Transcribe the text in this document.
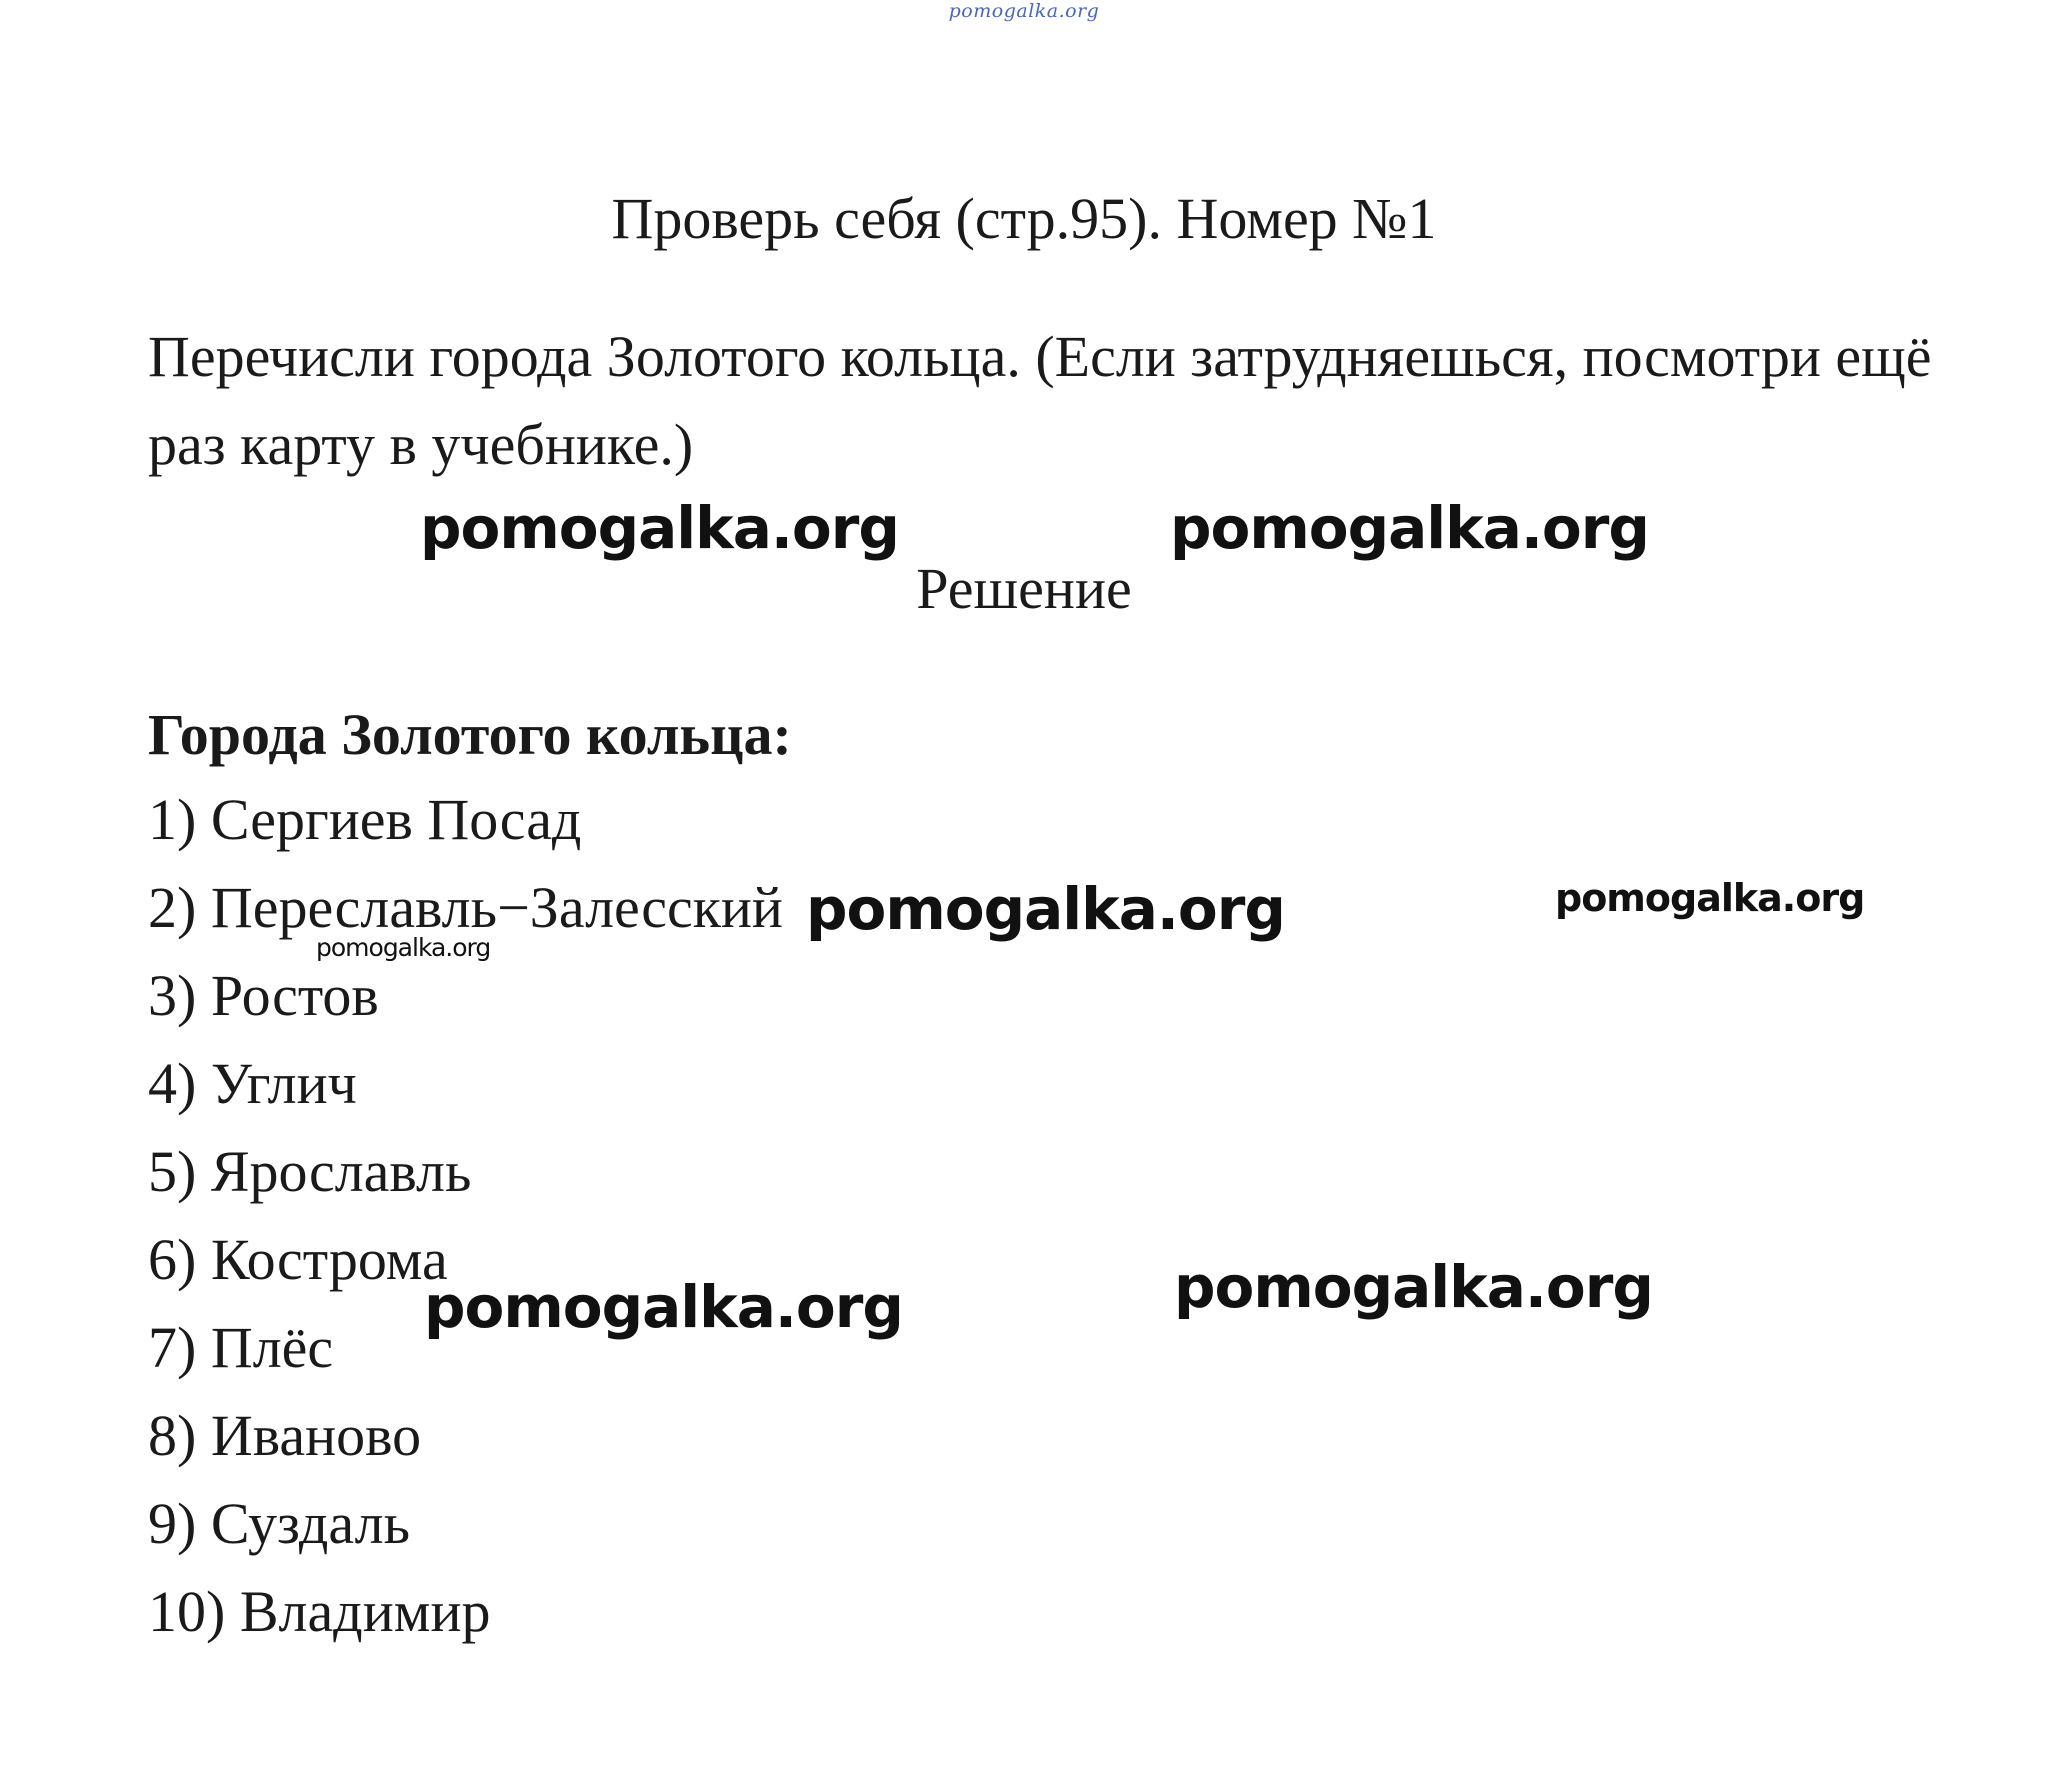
pomogalka.org
Проверь себя (стр.95). Номер №1
Перечисли города Золотого кольца. (Если затрудняешься, посмотри ещё раз карту в учебнике.)
Решение
Города Золотого кольца:
1) Сергиев Посад
2) Переславль−Залесский
3) Ростов
4) Углич
5) Ярославль
6) Кострома
7) Плёс
8) Иваново
9) Суздаль
10) Владимир
pomogalka.org	pomogalka.org
pomogalka.org	pomogalka.org
pomogalka.org
pomogalka.org	pomogalka.org
